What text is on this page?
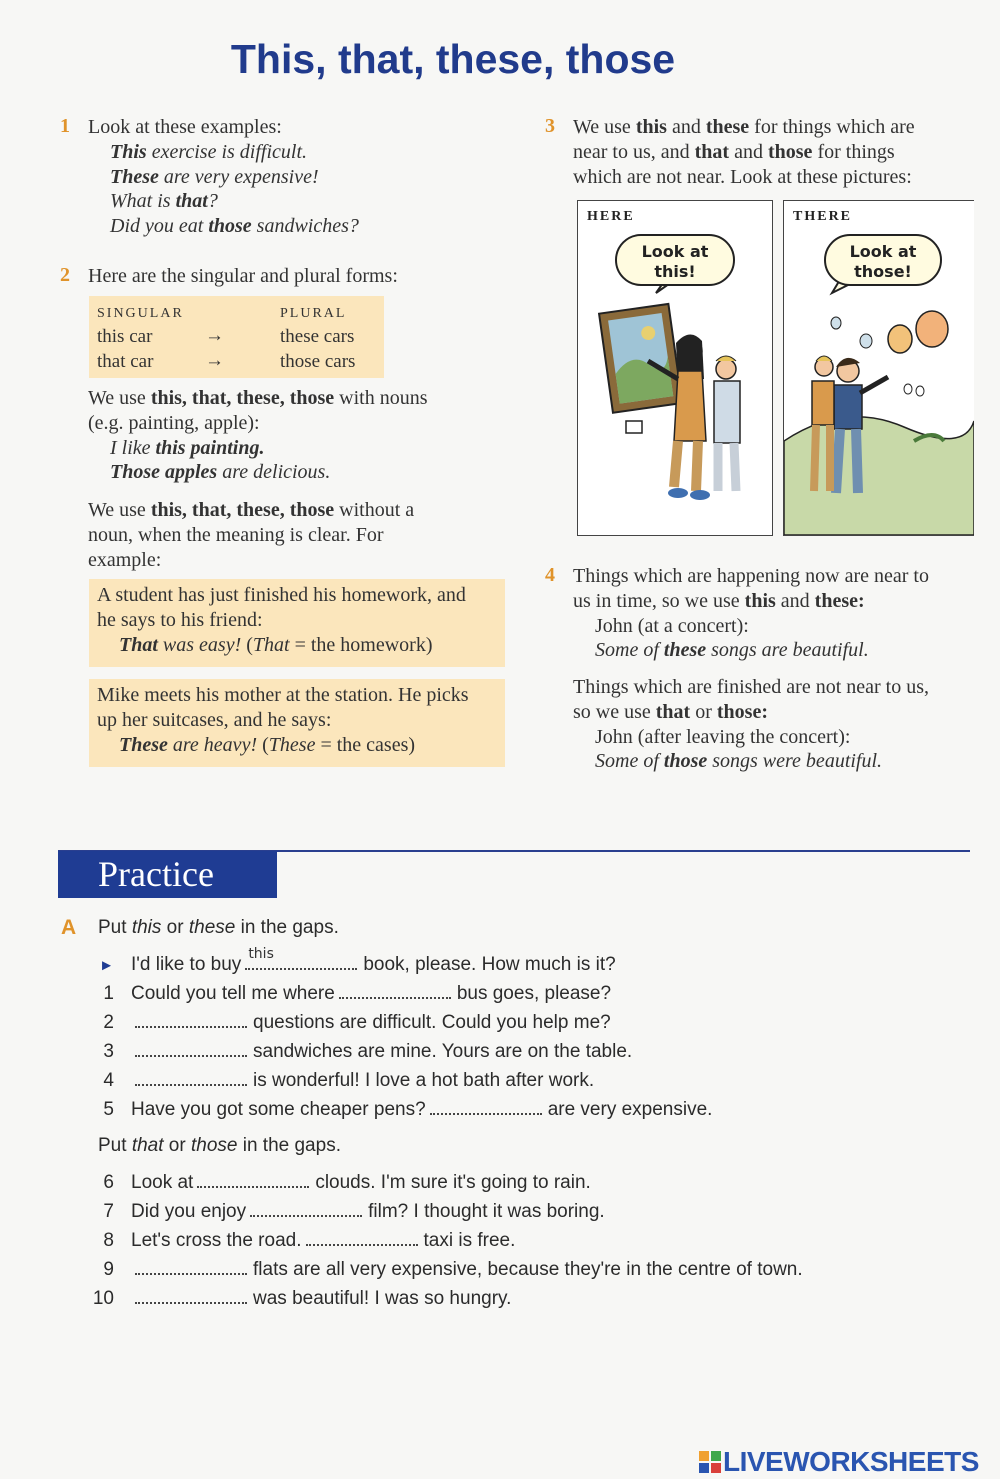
This, that, these, those
1 Look at these examples:
This exercise is difficult.
These are very expensive!
What is that?
Did you eat those sandwiches?
2 Here are the singular and plural forms:
SINGULAR	PLURAL
this car	→	these cars
that car	→	those cars
We use this, that, these, those with nouns
(e.g. painting, apple):
I like this painting.
Those apples are delicious.
We use this, that, these, those without a
noun, when the meaning is clear. For
example:
A student has just finished his homework, and
he says to his friend:
That was easy! (That = the homework)
Mike meets his mother at the station. He picks
up her suitcases, and he says:
These are heavy! (These = the cases)
3 We use this and these for things which are
near to us, and that and those for things
which are not near. Look at these pictures:
HERE
Look at
this!
THERE
Look at
those!
4 Things which are happening now are near to
us in time, so we use this and these:
John (at a concert):
Some of these songs are beautiful.
Things which are finished are not near to us,
so we use that or those:
John (after leaving the concert):
Some of those songs were beautiful.
Practice
A Put this or these in the gaps.
► I'd like to buy this	book, please. How much is it?
1 Could you tell me where	bus goes, please?
2	questions are difficult. Could you help me?
3	sandwiches are mine. Yours are on the table.
4	is wonderful! I love a hot bath after work.
5 Have you got some cheaper pens?	are very expensive.
Put that or those in the gaps.
6 Look at	clouds. I'm sure it's going to rain.
7 Did you enjoy	film? I thought it was boring.
8 Let's cross the road.	taxi is free.
9	flats are all very expensive, because they're in the centre of town.
10	was beautiful! I was so hungry.
LIVEWORKSHEETS
